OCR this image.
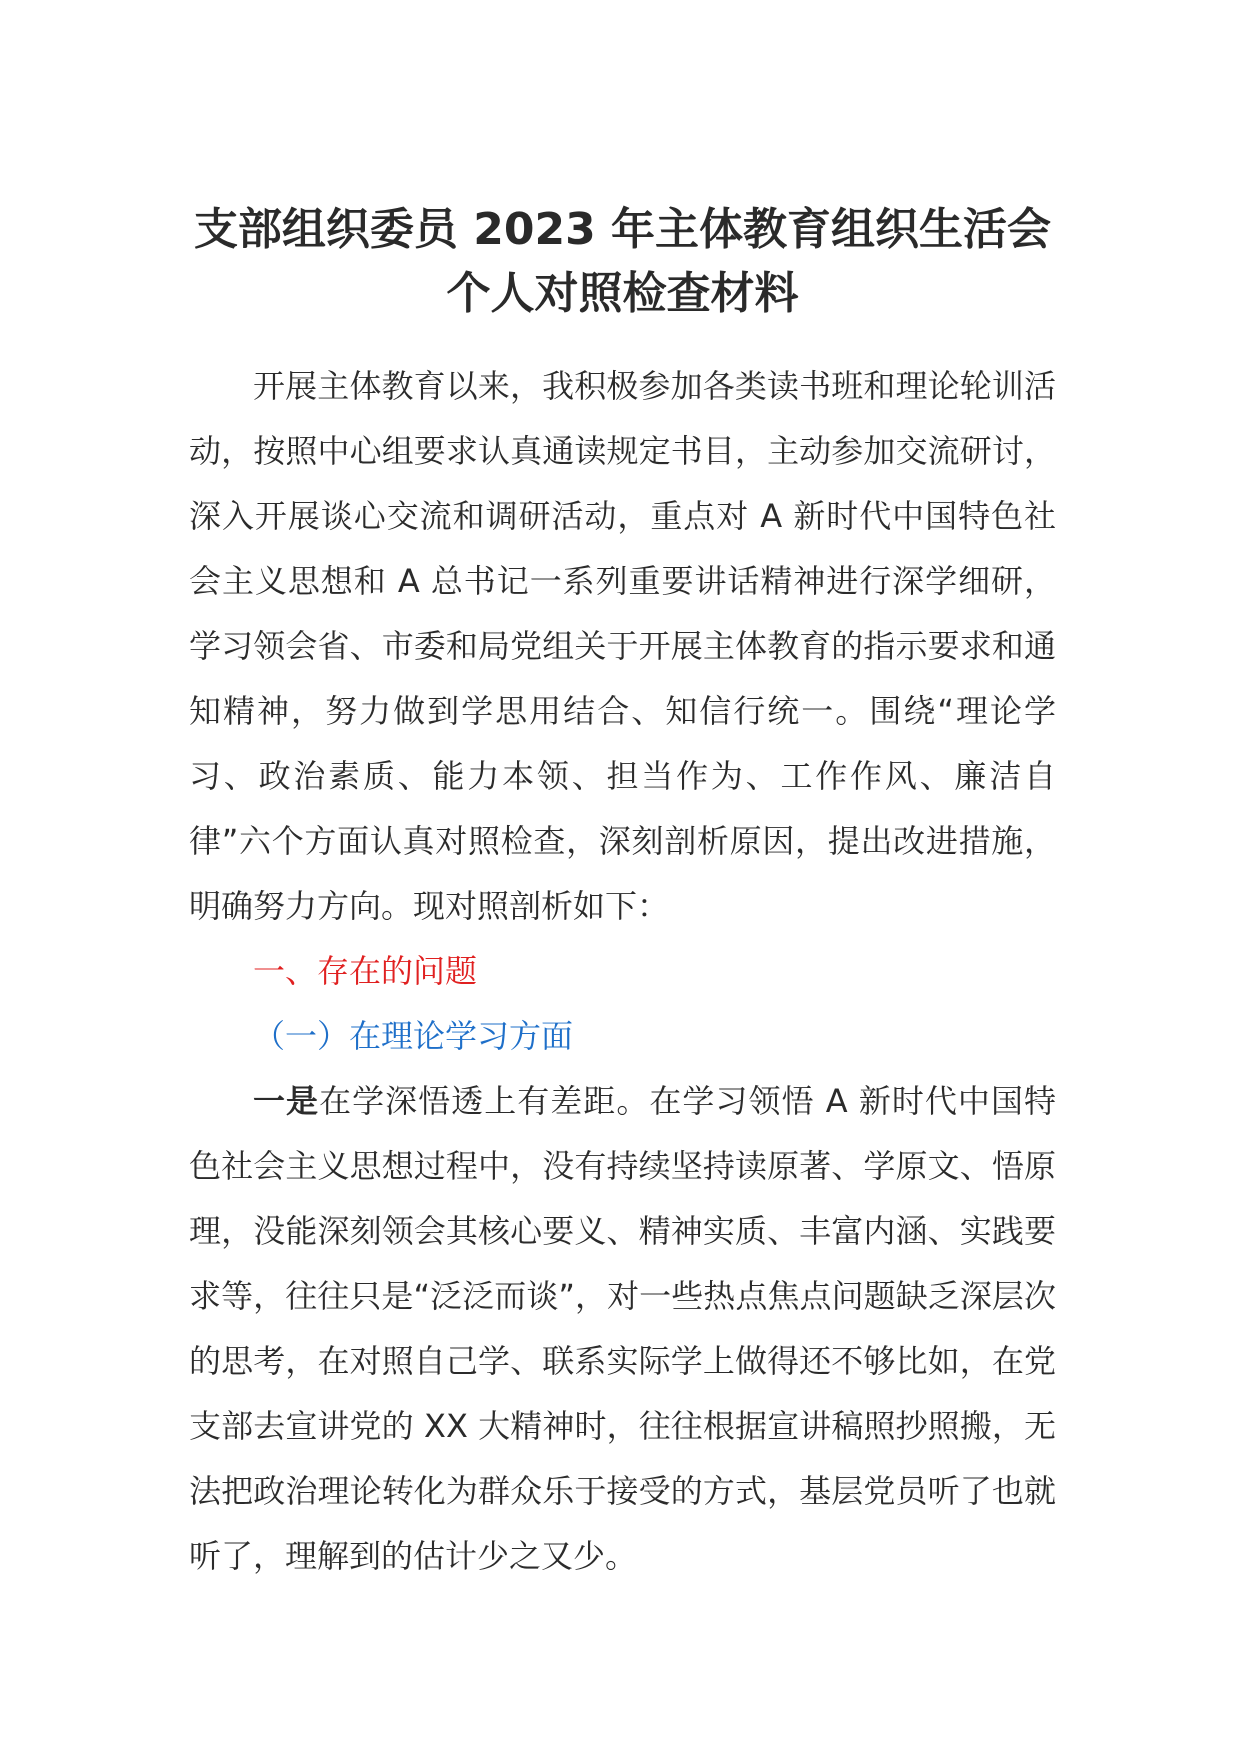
支部组织委员 2023 年主体教育组织生活会
个人对照检查材料

开展主体教育以来，我积极参加各类读书班和理论轮训活动，按照中心组要求认真通读规定书目，主动参加交流研讨，深入开展谈心交流和调研活动，重点对 A 新时代中国特色社会主义思想和 A 总书记一系列重要讲话精神进行深学细研，学习领会省、市委和局党组关于开展主体教育的指示要求和通知精神，努力做到学思用结合、知信行统一。围绕“理论学习、政治素质、能力本领、担当作为、工作作风、廉洁自律”六个方面认真对照检查，深刻剖析原因，提出改进措施，明确努力方向。现对照剖析如下：

一、存在的问题

（一）在理论学习方面

一是在学深悟透上有差距。在学习领悟 A 新时代中国特色社会主义思想过程中，没有持续坚持读原著、学原文、悟原理，没能深刻领会其核心要义、精神实质、丰富内涵、实践要求等，往往只是“泛泛而谈”，对一些热点焦点问题缺乏深层次的思考，在对照自己学、联系实际学上做得还不够比如，在党支部去宣讲党的 XX 大精神时，往往根据宣讲稿照抄照搬，无法把政治理论转化为群众乐于接受的方式，基层党员听了也就听了，理解到的估计少之又少。
